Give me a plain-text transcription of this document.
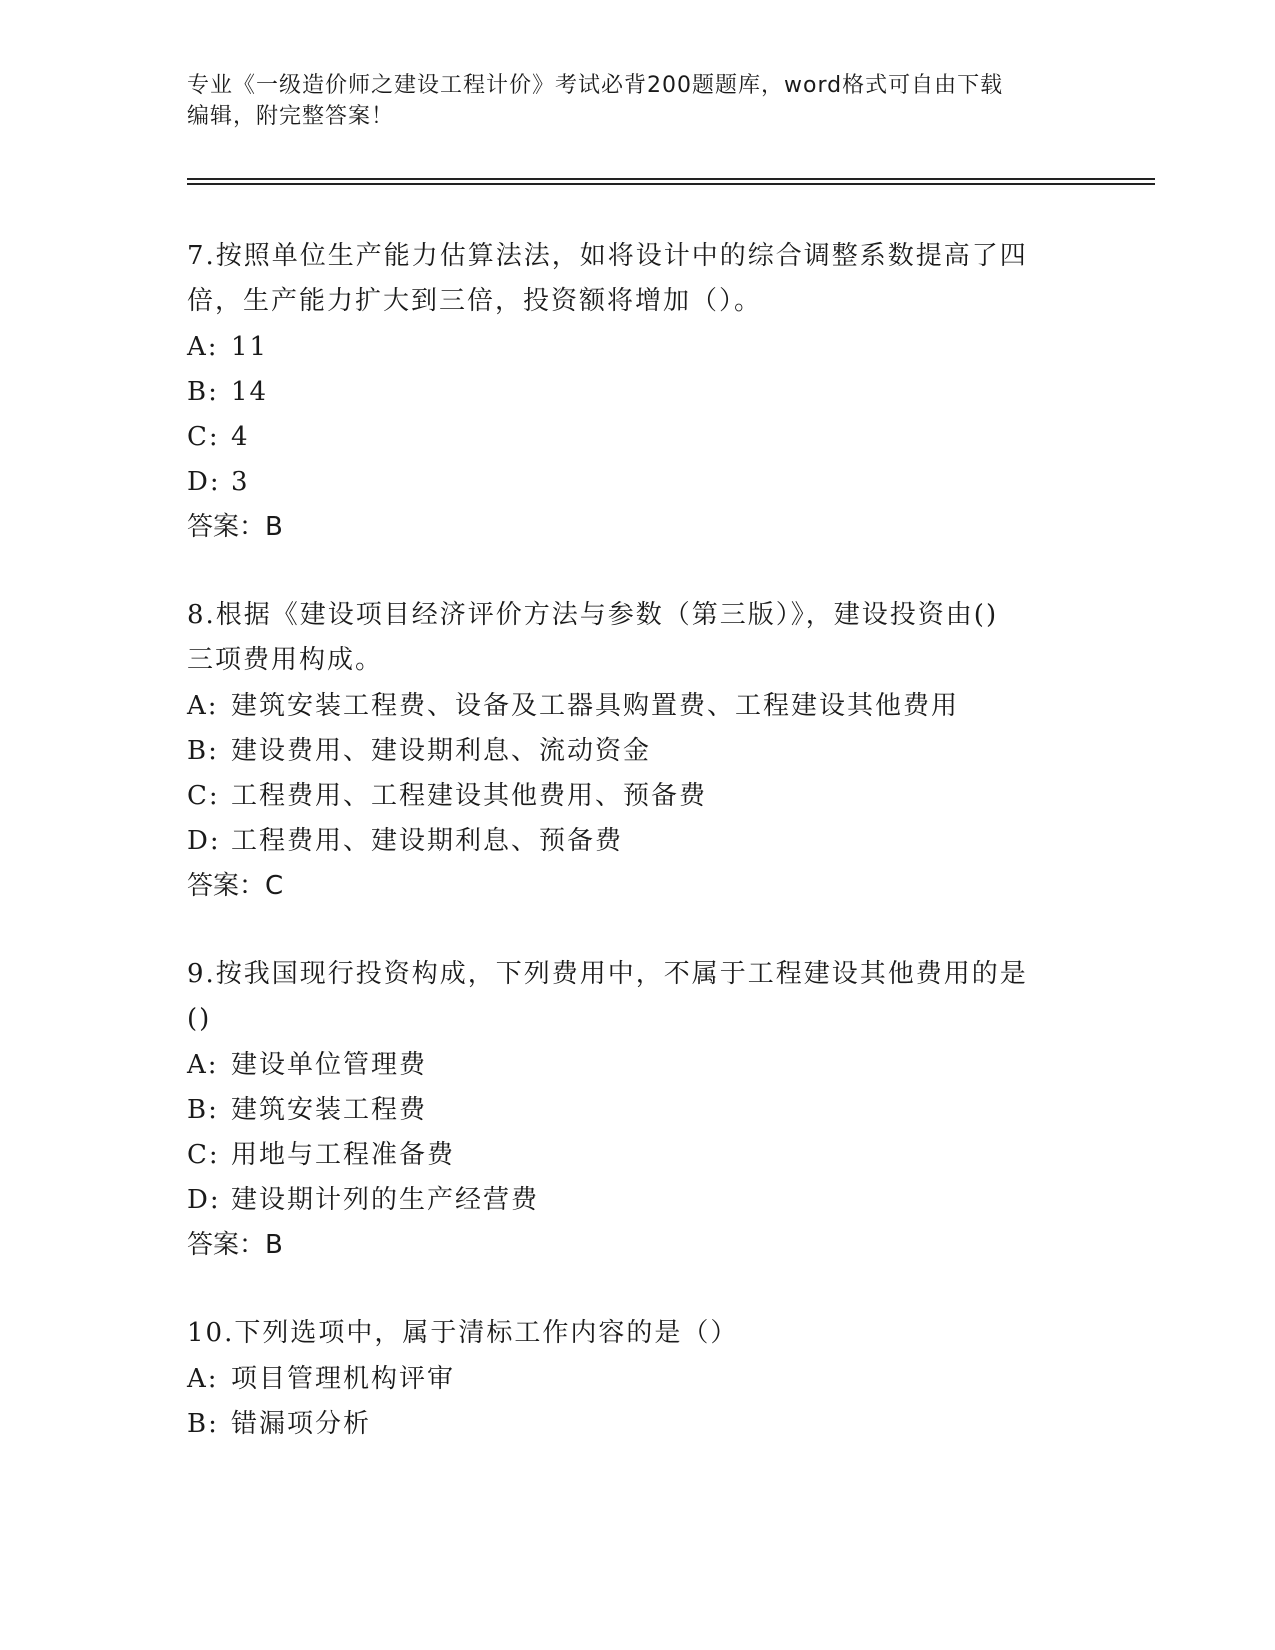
专业《一级造价师之建设工程计价》考试必背200题题库，word格式可自由下载
编辑，附完整答案！
7.按照单位生产能力估算法法，如将设计中的综合调整系数提高了四
倍，生产能力扩大到三倍，投资额将增加（）。
A: 11
B: 14
C: 4
D: 3
答案：B
8.根据《建设项目经济评价方法与参数（第三版）》，建设投资由()
三项费用构成。
A: 建筑安装工程费、设备及工器具购置费、工程建设其他费用
B: 建设费用、建设期利息、流动资金
C: 工程费用、工程建设其他费用、预备费
D: 工程费用、建设期利息、预备费
答案：C
9.按我国现行投资构成，下列费用中，不属于工程建设其他费用的是
()
A: 建设单位管理费
B: 建筑安装工程费
C: 用地与工程准备费
D: 建设期计列的生产经营费
答案：B
10.下列选项中，属于清标工作内容的是（）
A: 项目管理机构评审
B: 错漏项分析
